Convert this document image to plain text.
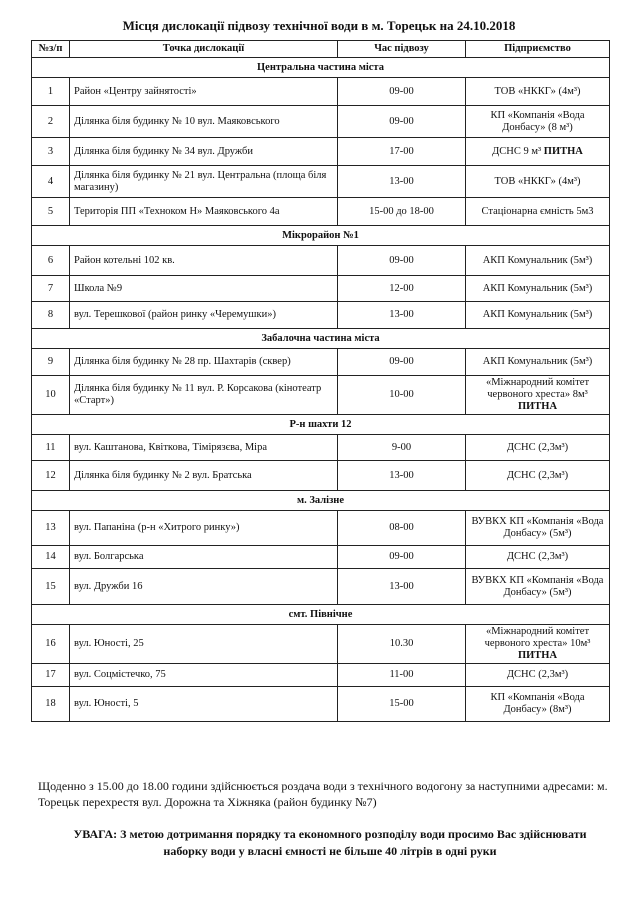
Місця дислокації підвозу технічної води в м. Торецьк на 24.10.2018
№з/п	Точка дислокації	Час підвозу	Підприємство
Центральна частина міста			
1	Район «Центру зайнятості»	09-00	ТОВ «НККГ» (4м³)
2	Ділянка біля будинку № 10 вул. Маяковського	09-00	КП «Компанія «Вода Донбасу» (8 м³)
3	Ділянка біля будинку № 34 вул. Дружби	17-00	ДСНС 9 м³ ПИТНА
4	Ділянка біля будинку № 21 вул. Центральна (площа біля магазину)	13-00	ТОВ «НККГ» (4м³)
5	Територія ПП «Техноком Н» Маяковського 4а	15-00 до 18-00	Стаціонарна ємність 5м3
Мікрорайон №1			
6	Район котельні 102 кв.	09-00	АКП Комунальник (5м³)
7	Школа №9	12-00	АКП Комунальник (5м³)
8	вул. Терешкової (район ринку «Черемушки»)	13-00	АКП Комунальник (5м³)
Забалочна частина міста			
9	Ділянка біля будинку № 28 пр. Шахтарів (сквер)	09-00	АКП Комунальник (5м³)
10	Ділянка біля будинку № 11 вул. Р. Корсакова (кінотеатр «Старт»)	10-00	«Міжнародний комітет червоного хреста» 8м³ ПИТНА
Р-н шахти 12			
11	вул. Каштанова, Квіткова, Тімірязєва, Міра	9-00	ДСНС (2,3м³)
12	Ділянка біля будинку № 2 вул. Братська	13-00	ДСНС (2,3м³)
м. Залізне			
13	вул. Папаніна (р-н «Хитрого ринку»)	08-00	ВУВКХ КП «Компанія «Вода Донбасу» (5м³)
14	вул. Болгарська	09-00	ДСНС (2,3м³)
15	вул. Дружби 16	13-00	ВУВКХ КП «Компанія «Вода Донбасу» (5м³)
смт. Північне			
16	вул. Юності, 25	10.30	«Міжнародний комітет червоного хреста» 10м³ ПИТНА
17	вул. Соцмістечко, 75	11-00	ДСНС (2,3м³)
18	вул. Юності, 5	15-00	КП «Компанія «Вода Донбасу» (8м³)
Щоденно з 15.00 до 18.00 години здійснюється роздача води з технічного водогону за наступними адресами: м. Торецьк перехрестя вул. Дорожна та Хіжняка (район будинку №7)
УВАГА: З метою дотримання порядку та економного розподілу води просимо Вас здійснювати наборку води у власні ємності не більше 40 літрів в одні руки
